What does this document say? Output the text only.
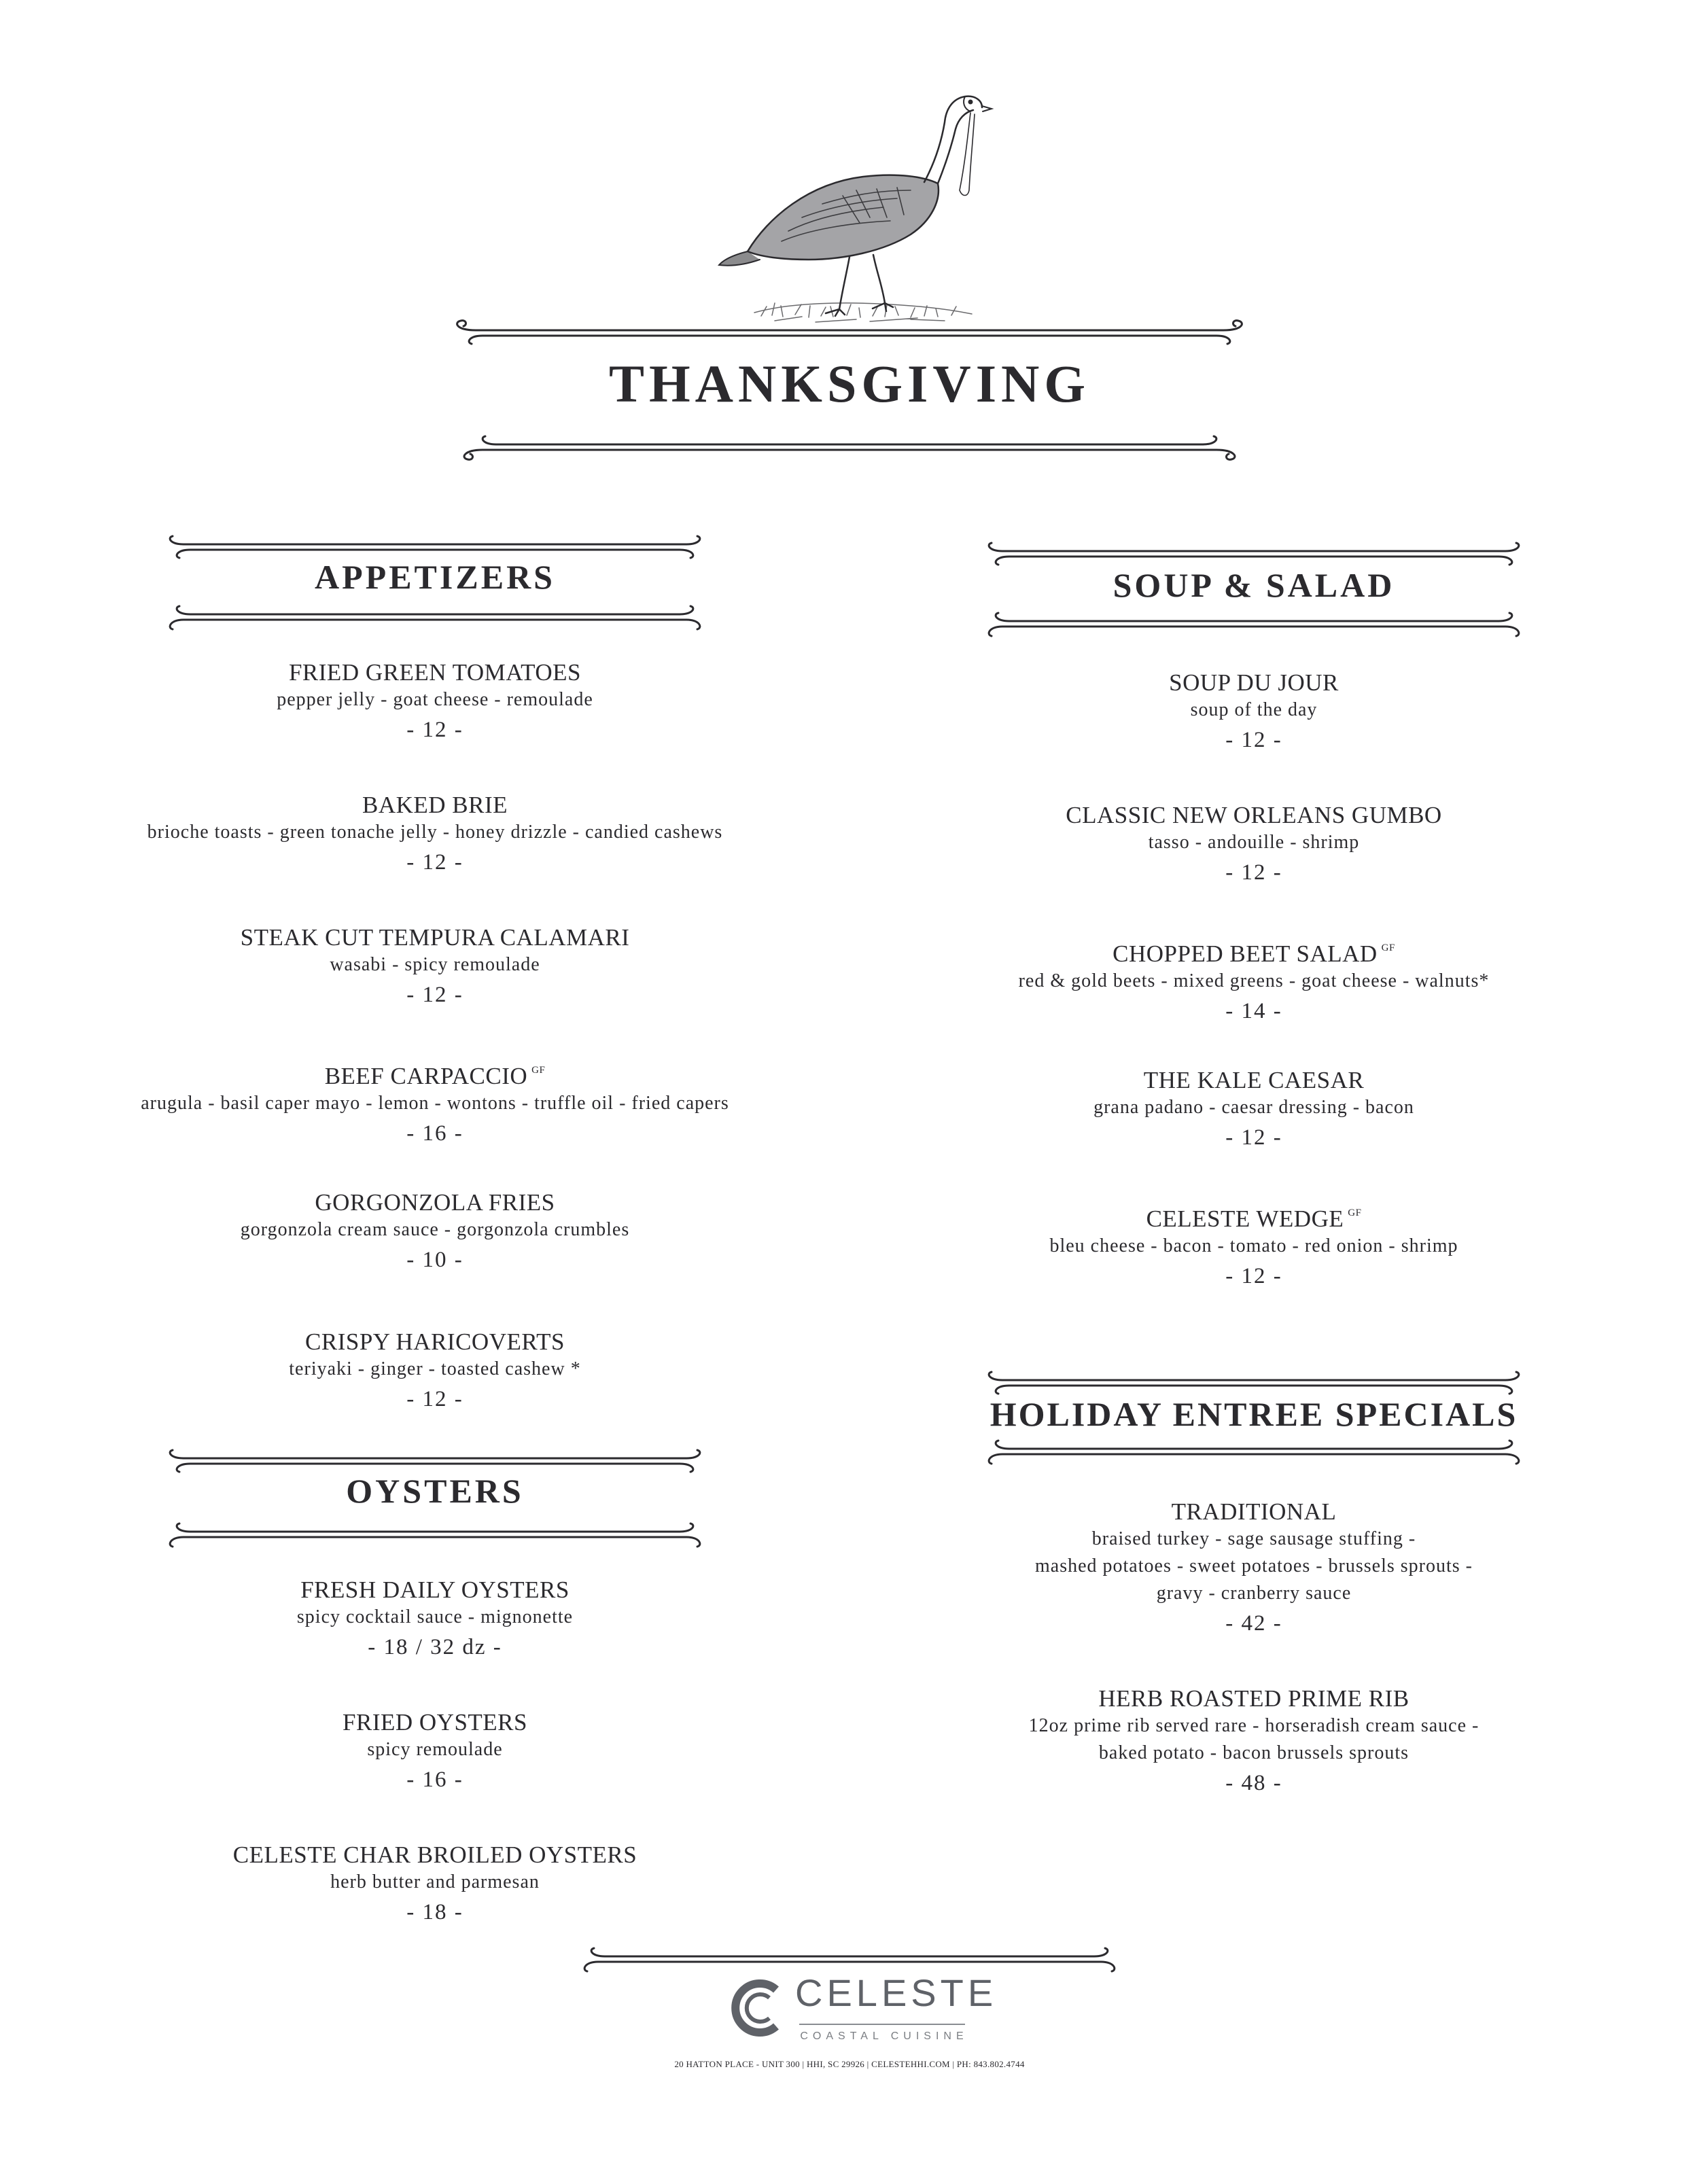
THANKSGIVING
APPETIZERS
FRIED GREEN TOMATOES
pepper jelly - goat cheese - remoulade
- 12 -
BAKED BRIE
brioche toasts - green tonache jelly - honey drizzle - candied cashews
- 12 -
STEAK CUT TEMPURA CALAMARI
wasabi - spicy remoulade
- 12 -
BEEF CARPACCIO $^{GF}$
arugula - basil caper mayo - lemon - wontons - truffle oil - fried capers
- 16 -
GORGONZOLA FRIES
gorgonzola cream sauce - gorgonzola crumbles
- 10 -
CRISPY HARICOVERTS
teriyaki - ginger - toasted cashew *
- 12 -
OYSTERS
FRESH DAILY OYSTERS
spicy cocktail sauce - mignonette
- 18 / 32 dz -
FRIED OYSTERS
spicy remoulade
- 16 -
CELESTE CHAR BROILED OYSTERS
herb butter and parmesan
- 18 -
SOUP & SALAD
SOUP DU JOUR
soup of the day
- 12 -
CLASSIC NEW ORLEANS GUMBO
tasso - andouille - shrimp
- 12 -
CHOPPED BEET SALAD $^{GF}$
red & gold beets - mixed greens - goat cheese - walnuts*
- 14 -
THE KALE CAESAR
grana padano - caesar dressing - bacon
- 12 -
CELESTE WEDGE $^{GF}$
bleu cheese - bacon - tomato - red onion - shrimp
- 12 -
HOLIDAY ENTREE SPECIALS
TRADITIONAL
braised turkey - sage sausage stuffing -
mashed potatoes - sweet potatoes - brussels sprouts -
gravy - cranberry sauce
- 42 -
HERB ROASTED PRIME RIB
12oz prime rib served rare - horseradish cream sauce -
baked potato - bacon brussels sprouts
- 48 -
CELESTE
COASTAL CUISINE
20 HATTON PLACE - UNIT 300 | HHI, SC 29926 | CELESTEHHI.COM | PH: 843.802.4744
